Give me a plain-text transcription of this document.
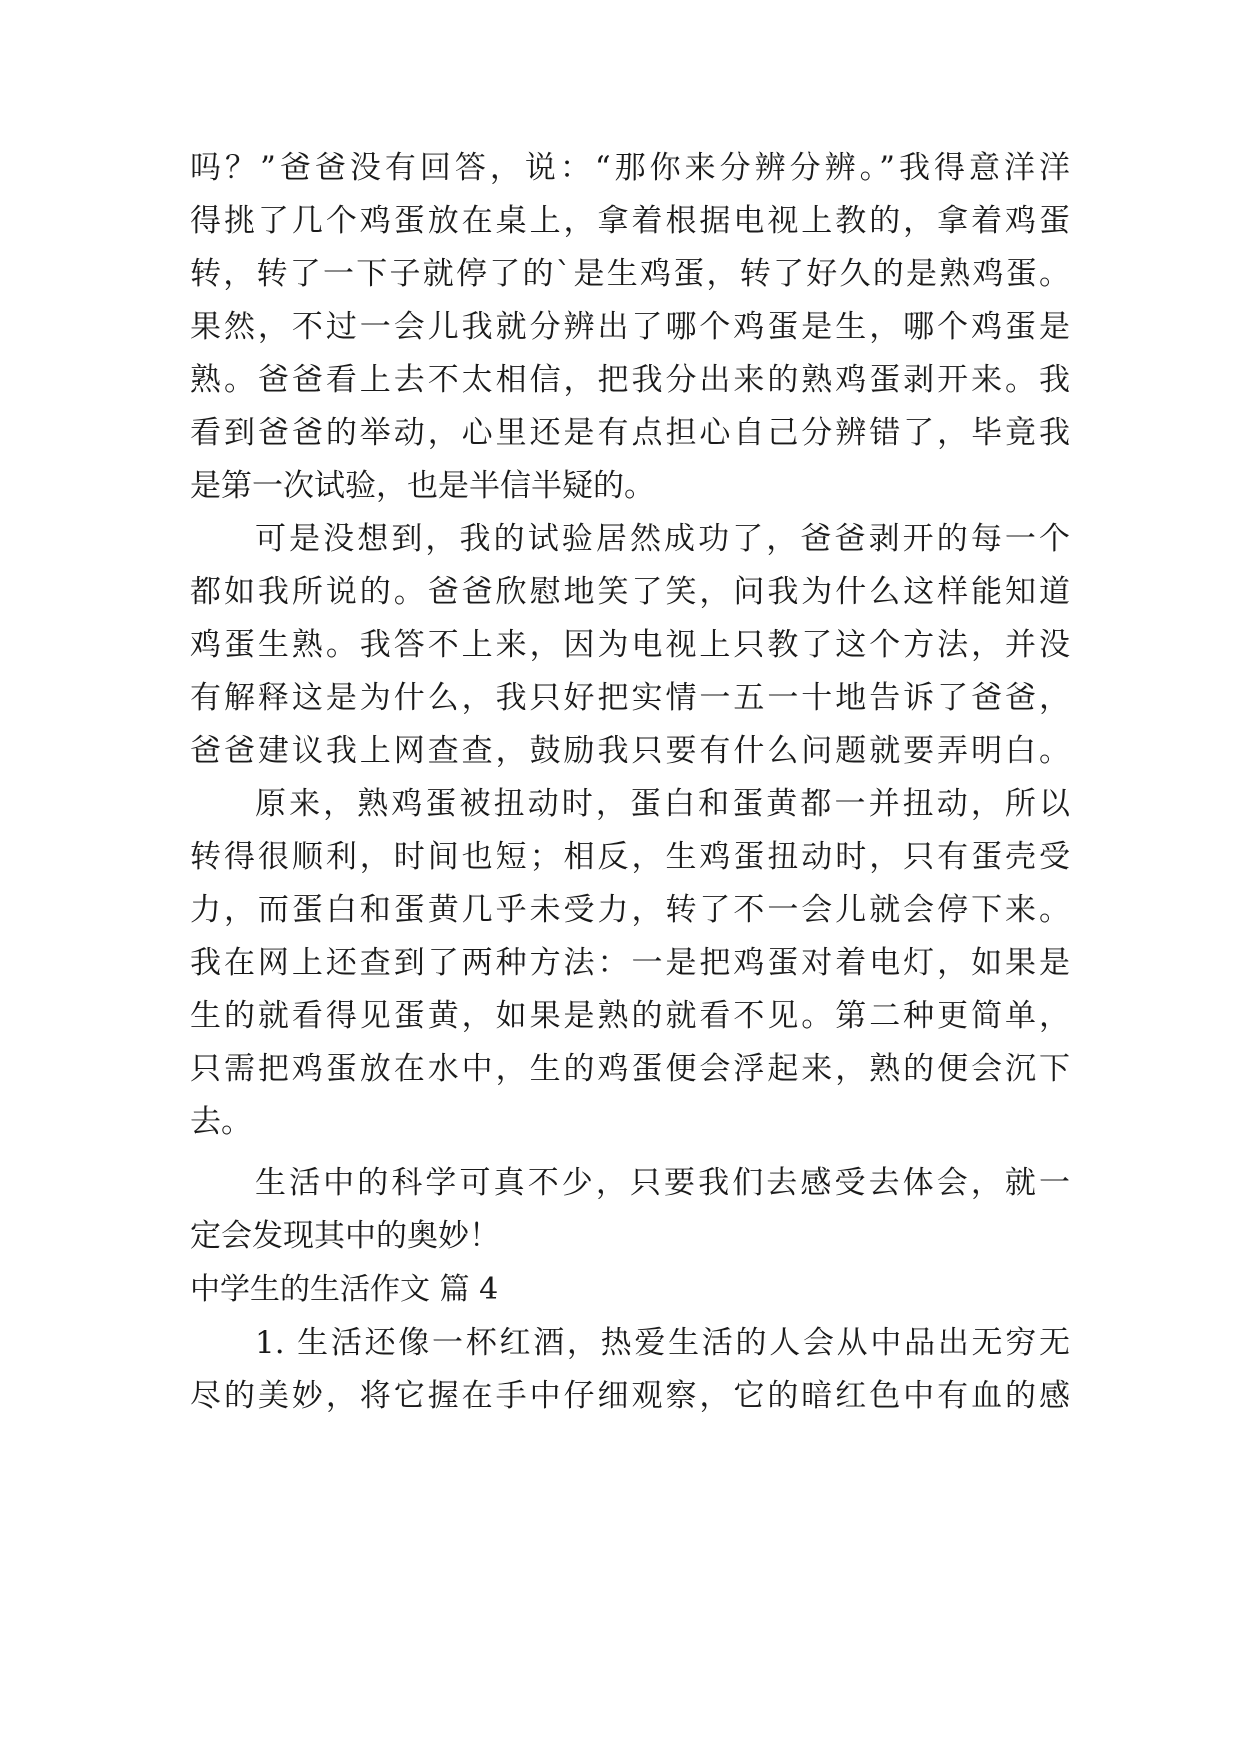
吗？”爸爸没有回答，说：“那你来分辨分辨。”我得意洋洋
得挑了几个鸡蛋放在桌上，拿着根据电视上教的，拿着鸡蛋
转，转了一下子就停了的`是生鸡蛋，转了好久的是熟鸡蛋。
果然，不过一会儿我就分辨出了哪个鸡蛋是生，哪个鸡蛋是
熟。爸爸看上去不太相信，把我分出来的熟鸡蛋剥开来。我
看到爸爸的举动，心里还是有点担心自己分辨错了，毕竟我
是第一次试验，也是半信半疑的。
可是没想到，我的试验居然成功了，爸爸剥开的每一个
都如我所说的。爸爸欣慰地笑了笑，问我为什么这样能知道
鸡蛋生熟。我答不上来，因为电视上只教了这个方法，并没
有解释这是为什么，我只好把实情一五一十地告诉了爸爸，
爸爸建议我上网查查，鼓励我只要有什么问题就要弄明白。
原来，熟鸡蛋被扭动时，蛋白和蛋黄都一并扭动，所以
转得很顺利，时间也短；相反，生鸡蛋扭动时，只有蛋壳受
力，而蛋白和蛋黄几乎未受力，转了不一会儿就会停下来。
我在网上还查到了两种方法：一是把鸡蛋对着电灯，如果是
生的就看得见蛋黄，如果是熟的就看不见。第二种更简单，
只需把鸡蛋放在水中，生的鸡蛋便会浮起来，熟的便会沉下
去。
生活中的科学可真不少，只要我们去感受去体会，就一
定会发现其中的奥妙！
中学生的生活作文 篇 4
1. 生活还像一杯红酒，热爱生活的人会从中品出无穷无
尽的美妙，将它握在手中仔细观察，它的暗红色中有血的感
